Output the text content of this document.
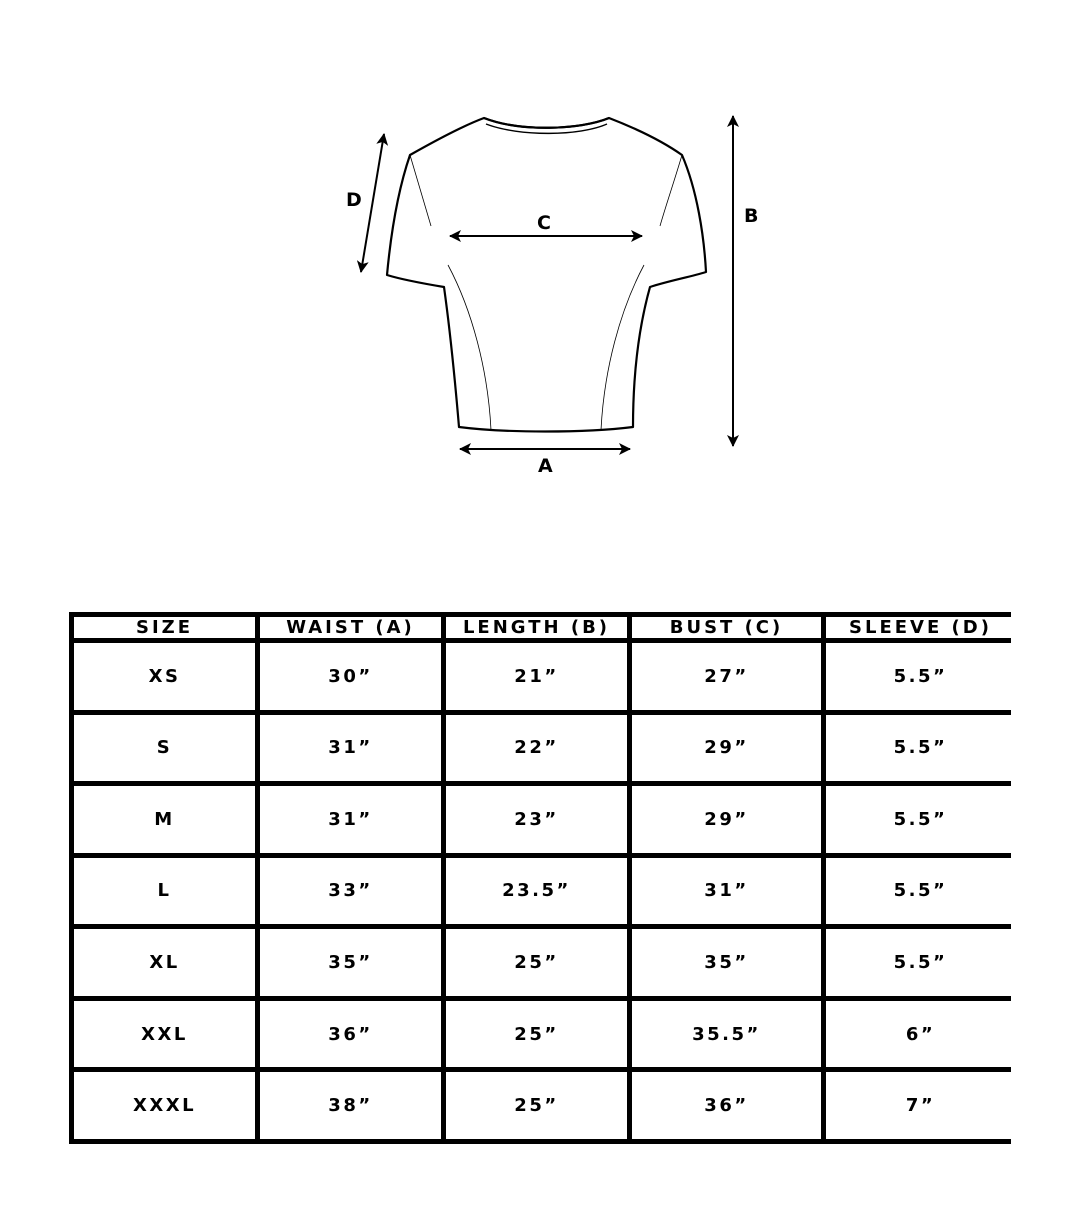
C
A
B
D
SIZE	WAIST (A)	LENGTH (B)	BUST (C)	SLEEVE (D)
XS	30”	21”	27”	5.5”
S	31”	22”	29”	5.5”
M	31”	23”	29”	5.5”
L	33”	23.5”	31”	5.5”
XL	35”	25”	35”	5.5”
XXL	36”	25”	35.5”	6”
XXXL	38”	25”	36”	7”
